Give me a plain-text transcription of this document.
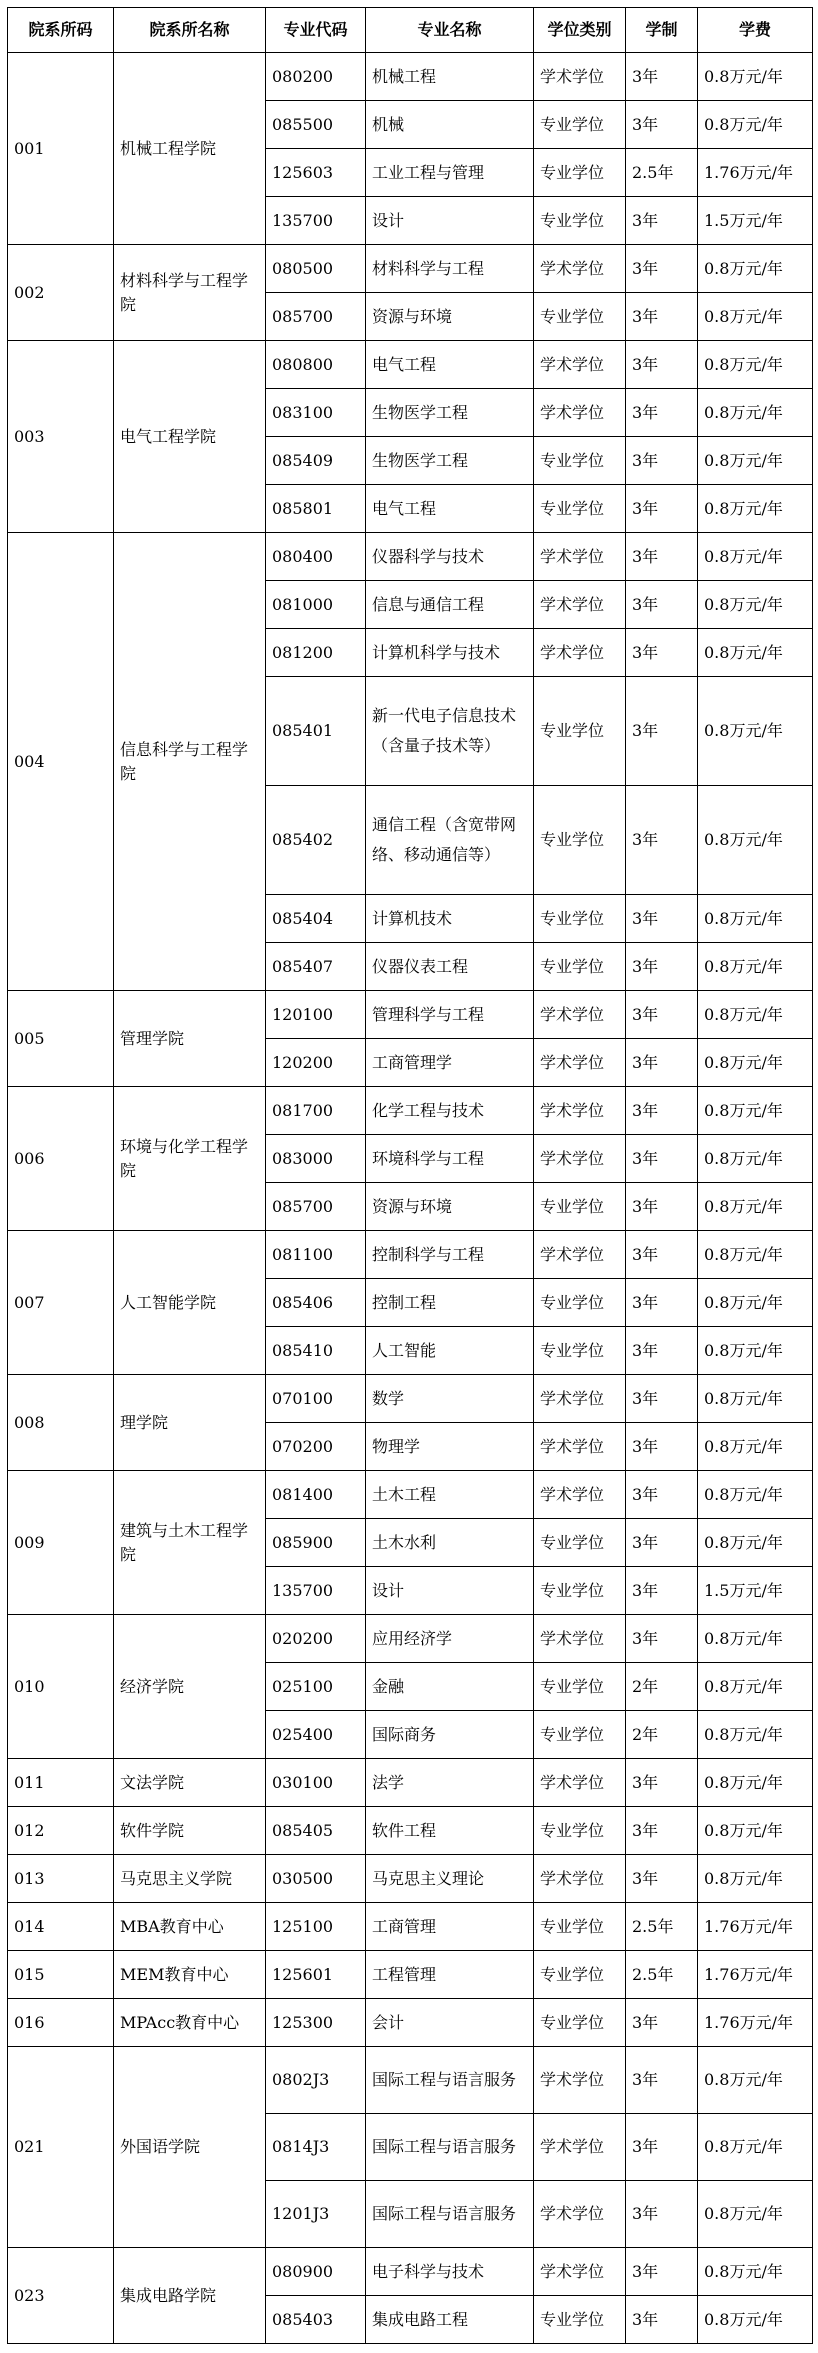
院系所码	院系所名称	专业代码	专业名称	学位类别	学制	学费
001	机械工程学院	080200	机械工程	学术学位	3年	0.8万元/年
		085500	机械	专业学位	3年	0.8万元/年
		125603	工业工程与管理	专业学位	2.5年	1.76万元/年
		135700	设计	专业学位	3年	1.5万元/年
002	材料科学与工程学院	080500	材料科学与工程	学术学位	3年	0.8万元/年
		085700	资源与环境	专业学位	3年	0.8万元/年
003	电气工程学院	080800	电气工程	学术学位	3年	0.8万元/年
		083100	生物医学工程	学术学位	3年	0.8万元/年
		085409	生物医学工程	专业学位	3年	0.8万元/年
		085801	电气工程	专业学位	3年	0.8万元/年
004	信息科学与工程学院	080400	仪器科学与技术	学术学位	3年	0.8万元/年
		081000	信息与通信工程	学术学位	3年	0.8万元/年
		081200	计算机科学与技术	学术学位	3年	0.8万元/年
		085401	新一代电子信息技术（含量子技术等）	专业学位	3年	0.8万元/年
		085402	通信工程（含宽带网络、移动通信等）	专业学位	3年	0.8万元/年
		085404	计算机技术	专业学位	3年	0.8万元/年
		085407	仪器仪表工程	专业学位	3年	0.8万元/年
005	管理学院	120100	管理科学与工程	学术学位	3年	0.8万元/年
		120200	工商管理学	学术学位	3年	0.8万元/年
006	环境与化学工程学院	081700	化学工程与技术	学术学位	3年	0.8万元/年
		083000	环境科学与工程	学术学位	3年	0.8万元/年
		085700	资源与环境	专业学位	3年	0.8万元/年
007	人工智能学院	081100	控制科学与工程	学术学位	3年	0.8万元/年
		085406	控制工程	专业学位	3年	0.8万元/年
		085410	人工智能	专业学位	3年	0.8万元/年
008	理学院	070100	数学	学术学位	3年	0.8万元/年
		070200	物理学	学术学位	3年	0.8万元/年
009	建筑与土木工程学院	081400	土木工程	学术学位	3年	0.8万元/年
		085900	土木水利	专业学位	3年	0.8万元/年
		135700	设计	专业学位	3年	1.5万元/年
010	经济学院	020200	应用经济学	学术学位	3年	0.8万元/年
		025100	金融	专业学位	2年	0.8万元/年
		025400	国际商务	专业学位	2年	0.8万元/年
011	文法学院	030100	法学	学术学位	3年	0.8万元/年
012	软件学院	085405	软件工程	专业学位	3年	0.8万元/年
013	马克思主义学院	030500	马克思主义理论	学术学位	3年	0.8万元/年
014	MBA教育中心	125100	工商管理	专业学位	2.5年	1.76万元/年
015	MEM教育中心	125601	工程管理	专业学位	2.5年	1.76万元/年
016	MPAcc教育中心	125300	会计	专业学位	3年	1.76万元/年
021	外国语学院	0802J3	国际工程与语言服务	学术学位	3年	0.8万元/年
		0814J3	国际工程与语言服务	学术学位	3年	0.8万元/年
		1201J3	国际工程与语言服务	学术学位	3年	0.8万元/年
023	集成电路学院	080900	电子科学与技术	学术学位	3年	0.8万元/年
		085403	集成电路工程	专业学位	3年	0.8万元/年
